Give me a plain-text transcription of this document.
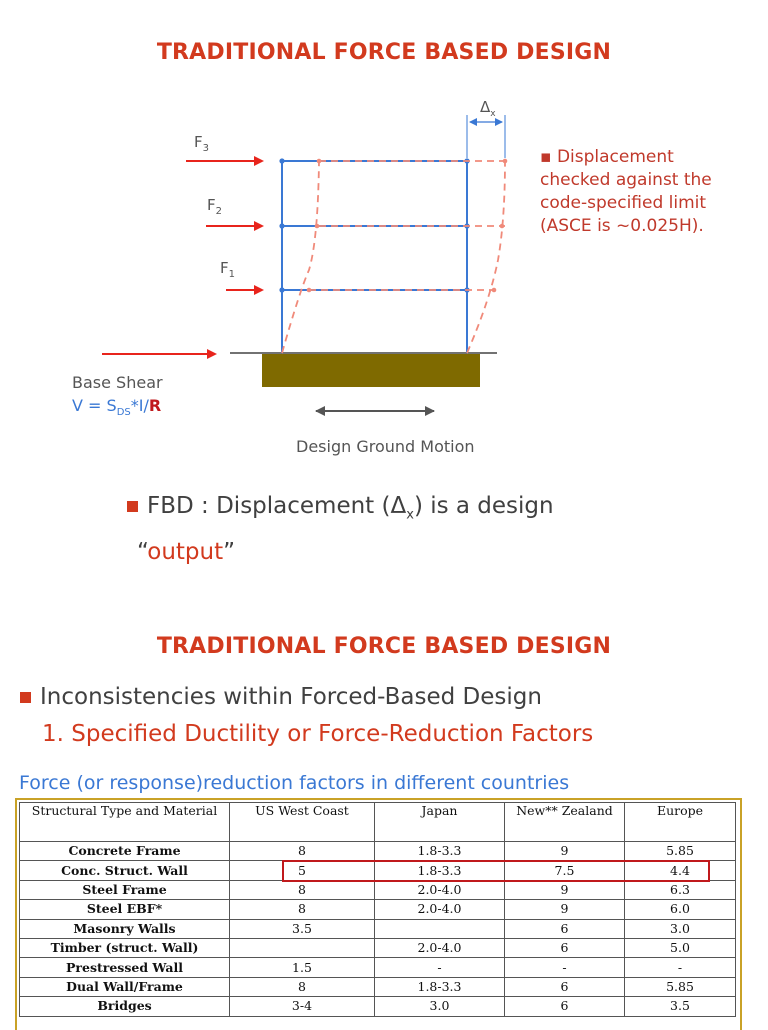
TRADITIONAL FORCE BASED DESIGN
$\Delta_x$
$F_3$
$F_2$
$F_1$
Base Shear
$V = S_{DS}*I/R$
Design Ground Motion
▪ Displacement checked against the code-specified limit (ASCE is ~0.025H).
FBD : Displacement $(\Delta_x)$ is a design
“output”
TRADITIONAL FORCE BASED DESIGN
Inconsistencies within Forced-Based Design
1. Specified Ductility or Force-Reduction Factors
Force (or response)reduction factors in different countries
Structural Type and Material	US West Coast	Japan	New** Zealand	Europe
Concrete Frame	8	1.8-3.3	9	5.85
Conc. Struct. Wall	5	1.8-3.3	7.5	4.4
Steel Frame	8	2.0-4.0	9	6.3
Steel EBF*	8	2.0-4.0	9	6.0
Masonry Walls	3.5		6	3.0
Timber (struct. Wall)		2.0-4.0	6	5.0
Prestressed Wall	1.5	-	-	-
Dual Wall/Frame	8	1.8-3.3	6	5.85
Bridges	3-4	3.0	6	3.5
